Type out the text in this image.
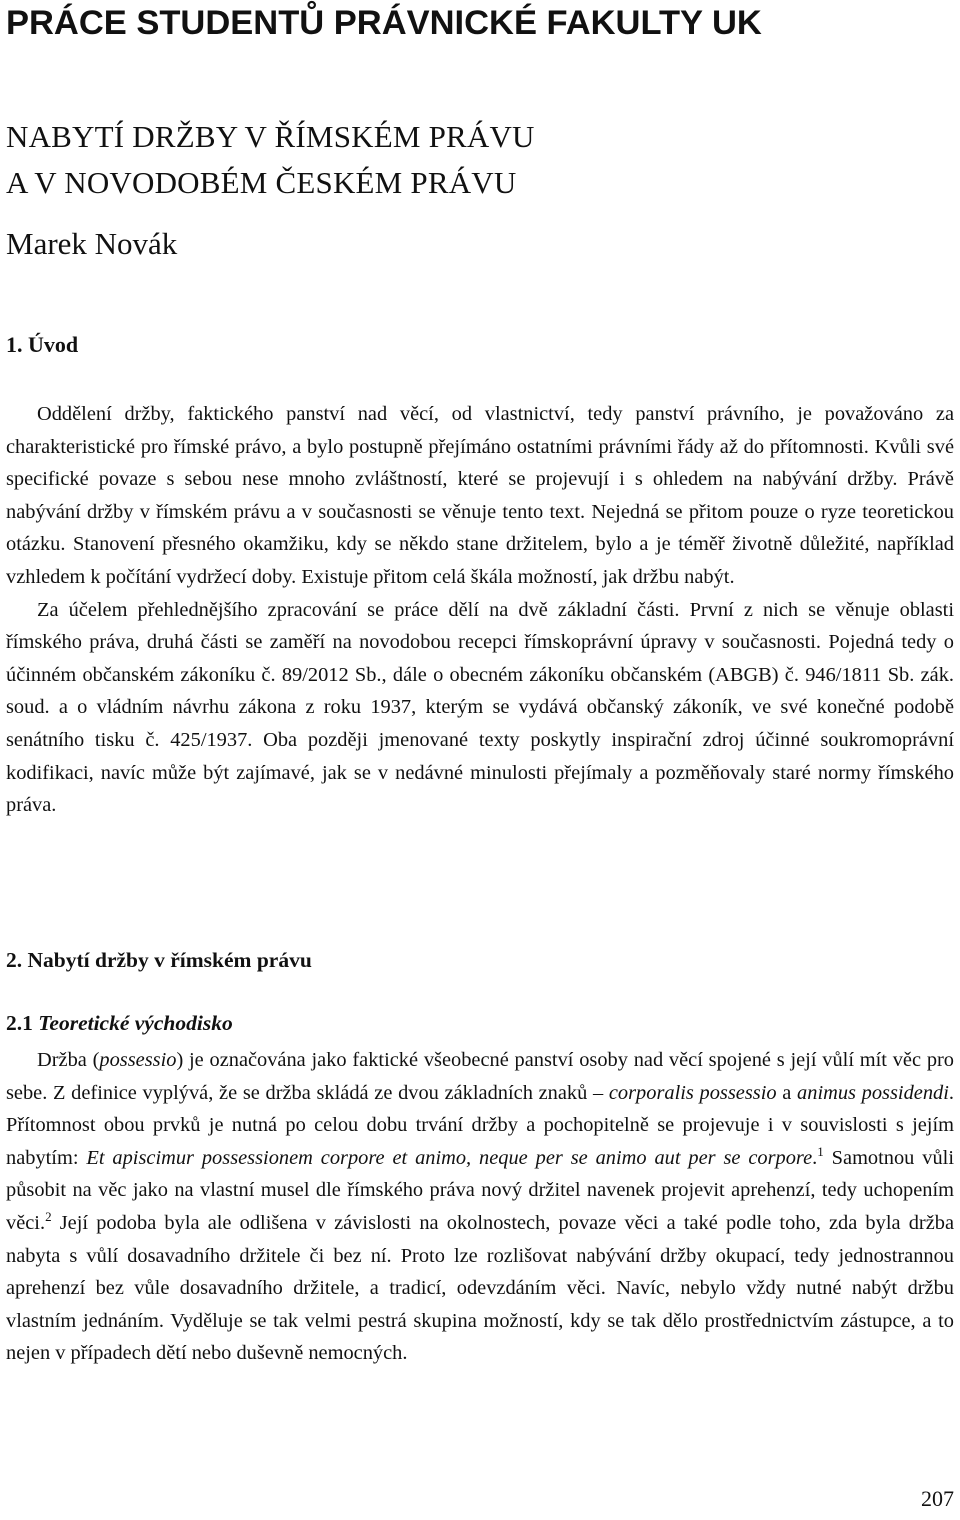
PRÁCE STUDENTŮ PRÁVNICKÉ FAKULTY UK
NABYTÍ DRŽBY V ŘÍMSKÉM PRÁVU
A V NOVODOBÉM ČESKÉM PRÁVU
Marek Novák
1. Úvod

Oddělení držby, faktického panství nad věcí, od vlastnictví, tedy panství právního, je považováno za charakteristické pro římské právo, a bylo postupně přejímáno ostatními právními řády až do přítomnosti. Kvůli své specifické povaze s sebou nese mnoho zvláštností, které se projevují i s ohledem na nabývání držby. Právě nabývání držby v římském právu a v současnosti se věnuje tento text. Nejedná se přitom pouze o ryze teoretickou otázku. Stanovení přesného okamžiku, kdy se někdo stane držitelem, bylo a je téměř životně důležité, například vzhledem k počítání vydržecí doby. Existuje přitom celá škála možností, jak držbu nabýt.

Za účelem přehlednějšího zpracování se práce dělí na dvě základní části. První z nich se věnuje oblasti římského práva, druhá části se zaměří na novodobou recepci římskoprávní úpravy v současnosti. Pojedná tedy o účinném občanském zákoníku č. 89/2012 Sb., dále o obecném zákoníku občanském (ABGB) č. 946/1811 Sb. zák. soud. a o vládním návrhu zákona z roku 1937, kterým se vydává občanský zákoník, ve své konečné podobě senátního tisku č. 425/1937. Oba později jmenované texty poskytly inspirační zdroj účinné soukromoprávní kodifikaci, navíc může být zajímavé, jak se v nedávné minulosti přejímaly a pozměňovaly staré normy římského práva.

2. Nabytí držby v římském právu
2.1 Teoretické východisko

Držba (possessio) je označována jako faktické všeobecné panství osoby nad věcí spojené s její vůlí mít věc pro sebe. Z definice vyplývá, že se držba skládá ze dvou základních znaků – corporalis possessio a animus possidendi. Přítomnost obou prvků je nutná po celou dobu trvání držby a pochopitelně se projevuje i v souvislosti s jejím nabytím: Et apiscimur possessionem corpore et animo, neque per se animo aut per se corpore.$^1$ Samotnou vůli působit na věc jako na vlastní musel dle římského práva nový držitel navenek projevit aprehenzí, tedy uchopením věci.$^2$ Její podoba byla ale odlišena v závislosti na okolnostech, povaze věci a také podle toho, zda byla držba nabyta s vůlí dosavadního držitele či bez ní. Proto lze rozlišovat nabývání držby okupací, tedy jednostrannou aprehenzí bez vůle dosavadního držitele, a tradicí, odevzdáním věci. Navíc, nebylo vždy nutné nabýt držbu vlastním jednáním. Vyděluje se tak velmi pestrá skupina možností, kdy se tak dělo prostřednictvím zástupce, a to nejen v případech dětí nebo duševně nemocných.

207
